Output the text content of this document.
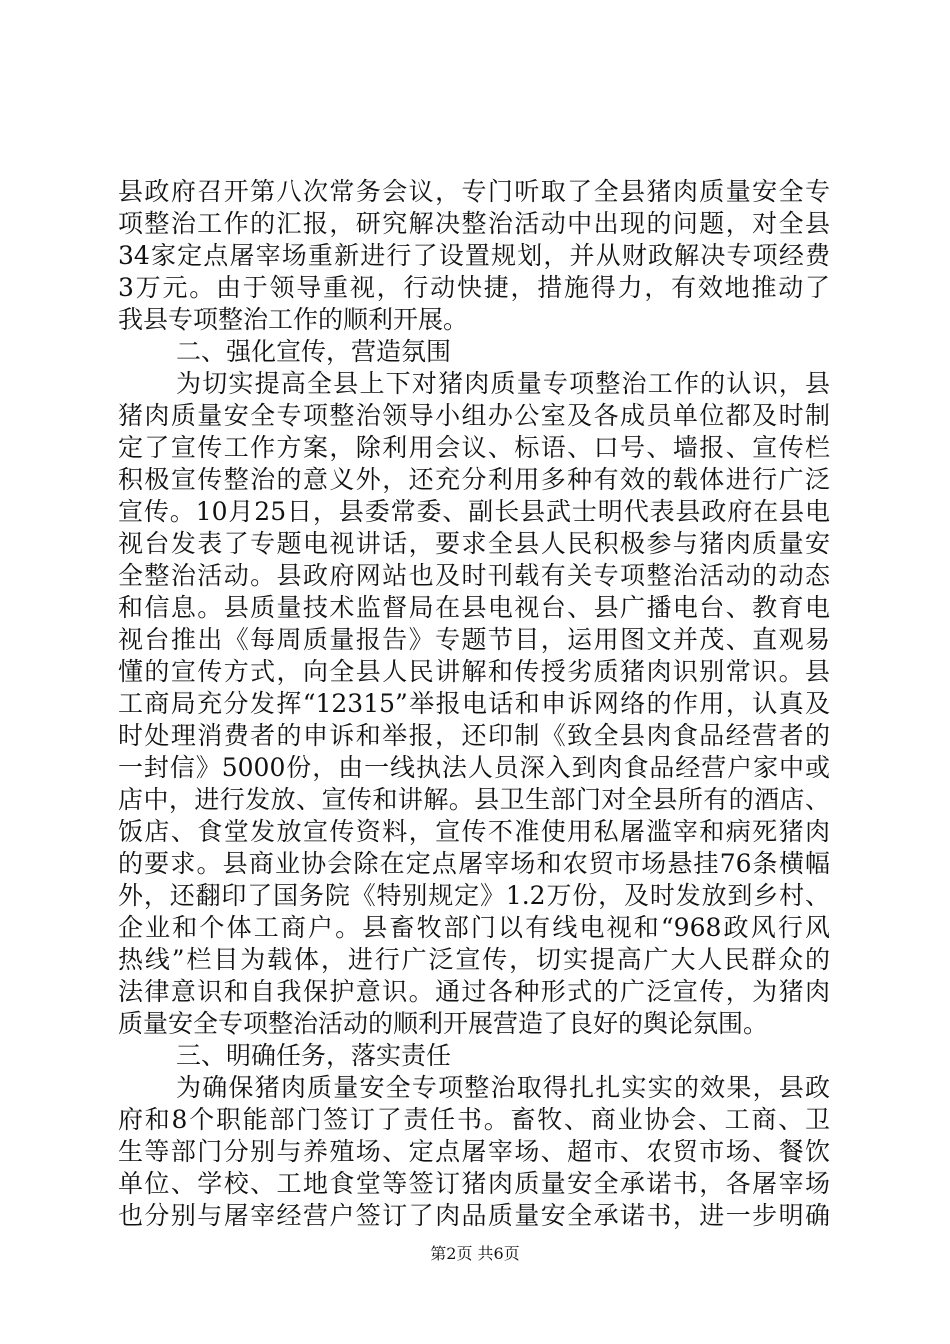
县政府召开第八次常务会议，专门听取了全县猪肉质量安全专
项整治工作的汇报，研究解决整治活动中出现的问题，对全县
34家定点屠宰场重新进行了设置规划，并从财政解决专项经费
3万元。由于领导重视，行动快捷，措施得力，有效地推动了
我县专项整治工作的顺利开展。
二、强化宣传，营造氛围
为切实提高全县上下对猪肉质量专项整治工作的认识，县
猪肉质量安全专项整治领导小组办公室及各成员单位都及时制
定了宣传工作方案，除利用会议、标语、口号、墙报、宣传栏
积极宣传整治的意义外，还充分利用多种有效的载体进行广泛
宣传。10月25日，县委常委、副长县武士明代表县政府在县电
视台发表了专题电视讲话，要求全县人民积极参与猪肉质量安
全整治活动。县政府网站也及时刊载有关专项整治活动的动态
和信息。县质量技术监督局在县电视台、县广播电台、教育电
视台推出《每周质量报告》专题节目，运用图文并茂、直观易
懂的宣传方式，向全县人民讲解和传授劣质猪肉识别常识。县
工商局充分发挥“12315”举报电话和申诉网络的作用，认真及
时处理消费者的申诉和举报，还印制《致全县肉食品经营者的
一封信》5000份，由一线执法人员深入到肉食品经营户家中或
店中，进行发放、宣传和讲解。县卫生部门对全县所有的酒店、
饭店、食堂发放宣传资料，宣传不准使用私屠滥宰和病死猪肉
的要求。县商业协会除在定点屠宰场和农贸市场悬挂76条横幅
外，还翻印了国务院《特别规定》1.2万份，及时发放到乡村、
企业和个体工商户。县畜牧部门以有线电视和“968政风行风
热线”栏目为载体，进行广泛宣传，切实提高广大人民群众的
法律意识和自我保护意识。通过各种形式的广泛宣传，为猪肉
质量安全专项整治活动的顺利开展营造了良好的舆论氛围。
三、明确任务，落实责任
为确保猪肉质量安全专项整治取得扎扎实实的效果，县政
府和8个职能部门签订了责任书。畜牧、商业协会、工商、卫
生等部门分别与养殖场、定点屠宰场、超市、农贸市场、餐饮
单位、学校、工地食堂等签订猪肉质量安全承诺书，各屠宰场
也分别与屠宰经营户签订了肉品质量安全承诺书，进一步明确
第2页 共6页
